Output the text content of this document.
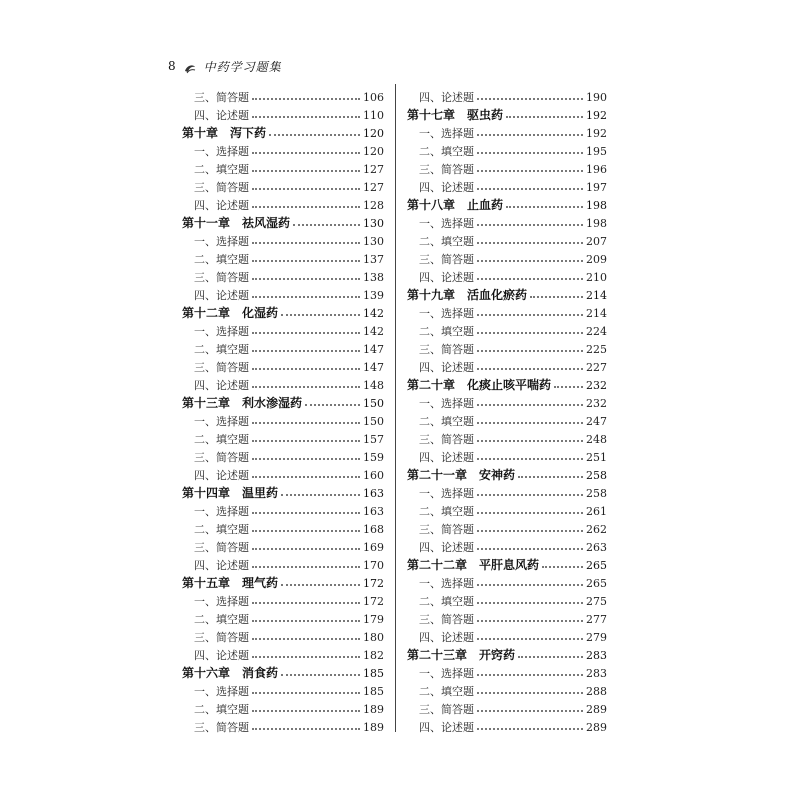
8 中药学习题集
三、简答题	106
四、论述题	110
第十章　泻下药	120
一、选择题	120
二、填空题	127
三、简答题	127
四、论述题	128
第十一章　祛风湿药	130
一、选择题	130
二、填空题	137
三、简答题	138
四、论述题	139
第十二章　化湿药	142
一、选择题	142
二、填空题	147
三、简答题	147
四、论述题	148
第十三章　利水渗湿药	150
一、选择题	150
二、填空题	157
三、简答题	159
四、论述题	160
第十四章　温里药	163
一、选择题	163
二、填空题	168
三、简答题	169
四、论述题	170
第十五章　理气药	172
一、选择题	172
二、填空题	179
三、简答题	180
四、论述题	182
第十六章　消食药	185
一、选择题	185
二、填空题	189
三、简答题	189
四、论述题	190
第十七章　驱虫药	192
一、选择题	192
二、填空题	195
三、简答题	196
四、论述题	197
第十八章　止血药	198
一、选择题	198
二、填空题	207
三、简答题	209
四、论述题	210
第十九章　活血化瘀药	214
一、选择题	214
二、填空题	224
三、简答题	225
四、论述题	227
第二十章　化痰止咳平喘药	232
一、选择题	232
二、填空题	247
三、简答题	248
四、论述题	251
第二十一章　安神药	258
一、选择题	258
二、填空题	261
三、简答题	262
四、论述题	263
第二十二章　平肝息风药	265
一、选择题	265
二、填空题	275
三、简答题	277
四、论述题	279
第二十三章　开窍药	283
一、选择题	283
二、填空题	288
三、简答题	289
四、论述题	289
